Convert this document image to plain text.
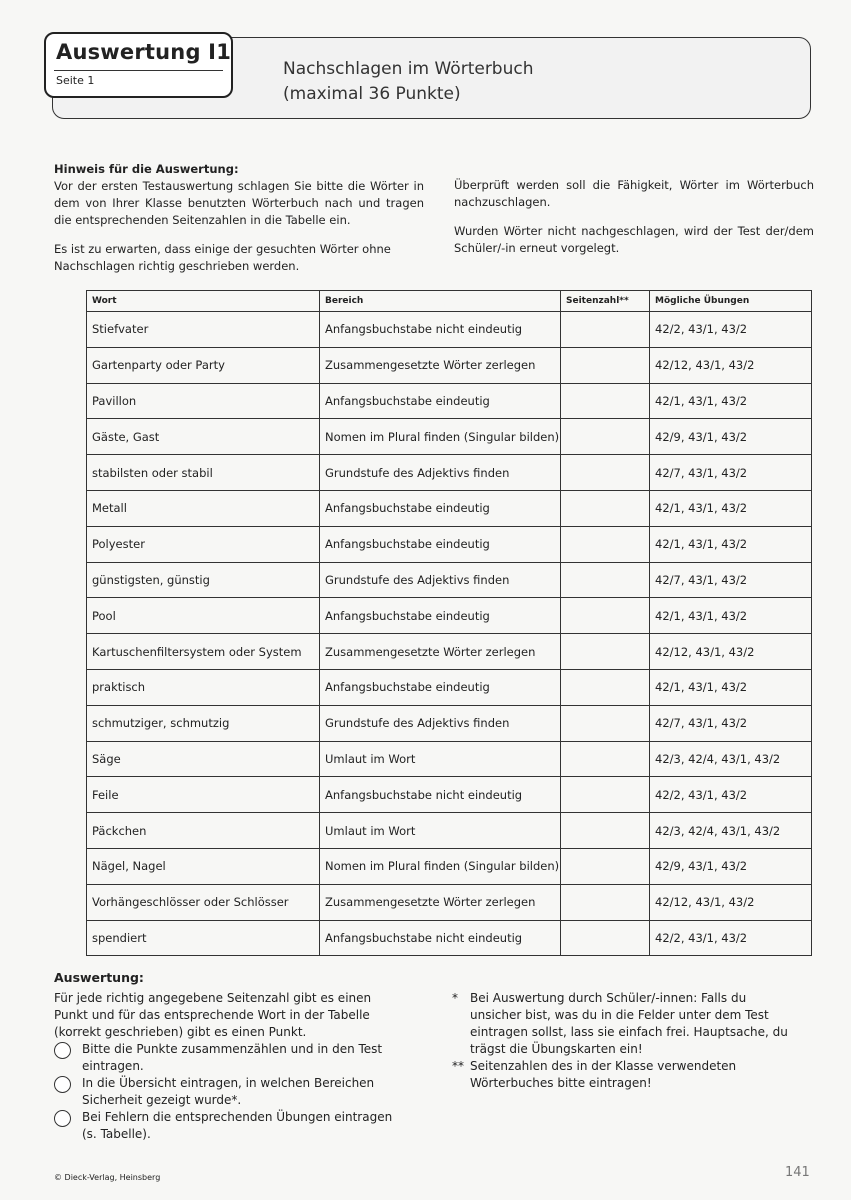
Auswertung I1
Seite 1
Nachschlagen im Wörterbuch
(maximal 36 Punkte)
Hinweis für die Auswertung:
Vor der ersten Testauswertung schlagen Sie bitte die Wörter in dem von Ihrer Klasse benutzten Wörterbuch nach und tragen die entsprechenden Seitenzahlen in die Tabelle ein.
Es ist zu erwarten, dass einige der gesuchten Wörter ohne Nachschlagen richtig geschrieben werden.
Überprüft werden soll die Fähigkeit, Wörter im Wörterbuch nachzuschlagen.
Wurden Wörter nicht nachgeschlagen, wird der Test der/dem Schüler/-in erneut vorgelegt.
Wort	Bereich	Seitenzahl**	Mögliche Übungen
Stiefvater	Anfangsbuchstabe nicht eindeutig		42/2, 43/1, 43/2
Gartenparty oder Party	Zusammengesetzte Wörter zerlegen		42/12, 43/1, 43/2
Pavillon	Anfangsbuchstabe eindeutig		42/1, 43/1, 43/2
Gäste, Gast	Nomen im Plural finden (Singular bilden)		42/9, 43/1, 43/2
stabilsten oder stabil	Grundstufe des Adjektivs finden		42/7, 43/1, 43/2
Metall	Anfangsbuchstabe eindeutig		42/1, 43/1, 43/2
Polyester	Anfangsbuchstabe eindeutig		42/1, 43/1, 43/2
günstigsten, günstig	Grundstufe des Adjektivs finden		42/7, 43/1, 43/2
Pool	Anfangsbuchstabe eindeutig		42/1, 43/1, 43/2
Kartuschenfiltersystem oder System	Zusammengesetzte Wörter zerlegen		42/12, 43/1, 43/2
praktisch	Anfangsbuchstabe eindeutig		42/1, 43/1, 43/2
schmutziger, schmutzig	Grundstufe des Adjektivs finden		42/7, 43/1, 43/2
Säge	Umlaut im Wort		42/3, 42/4, 43/1, 43/2
Feile	Anfangsbuchstabe nicht eindeutig		42/2, 43/1, 43/2
Päckchen	Umlaut im Wort		42/3, 42/4, 43/1, 43/2
Nägel, Nagel	Nomen im Plural finden (Singular bilden)		42/9, 43/1, 43/2
Vorhängeschlösser oder Schlösser	Zusammengesetzte Wörter zerlegen		42/12, 43/1, 43/2
spendiert	Anfangsbuchstabe nicht eindeutig		42/2, 43/1, 43/2
Auswertung:
Für jede richtig angegebene Seitenzahl gibt es einen Punkt und für das entsprechende Wort in der Tabelle (korrekt geschrieben) gibt es einen Punkt.
Bitte die Punkte zusammenzählen und in den Test eintragen.
In die Übersicht eintragen, in welchen Bereichen Sicherheit gezeigt wurde*.
Bei Fehlern die entsprechenden Übungen eintragen (s. Tabelle).
* Bei Auswertung durch Schüler/-innen: Falls du unsicher bist, was du in die Felder unter dem Test eintragen sollst, lass sie einfach frei. Hauptsache, du trägst die Übungskarten ein!
** Seitenzahlen des in der Klasse verwendeten Wörterbuches bitte eintragen!
© Dieck-Verlag, Heinsberg	141
